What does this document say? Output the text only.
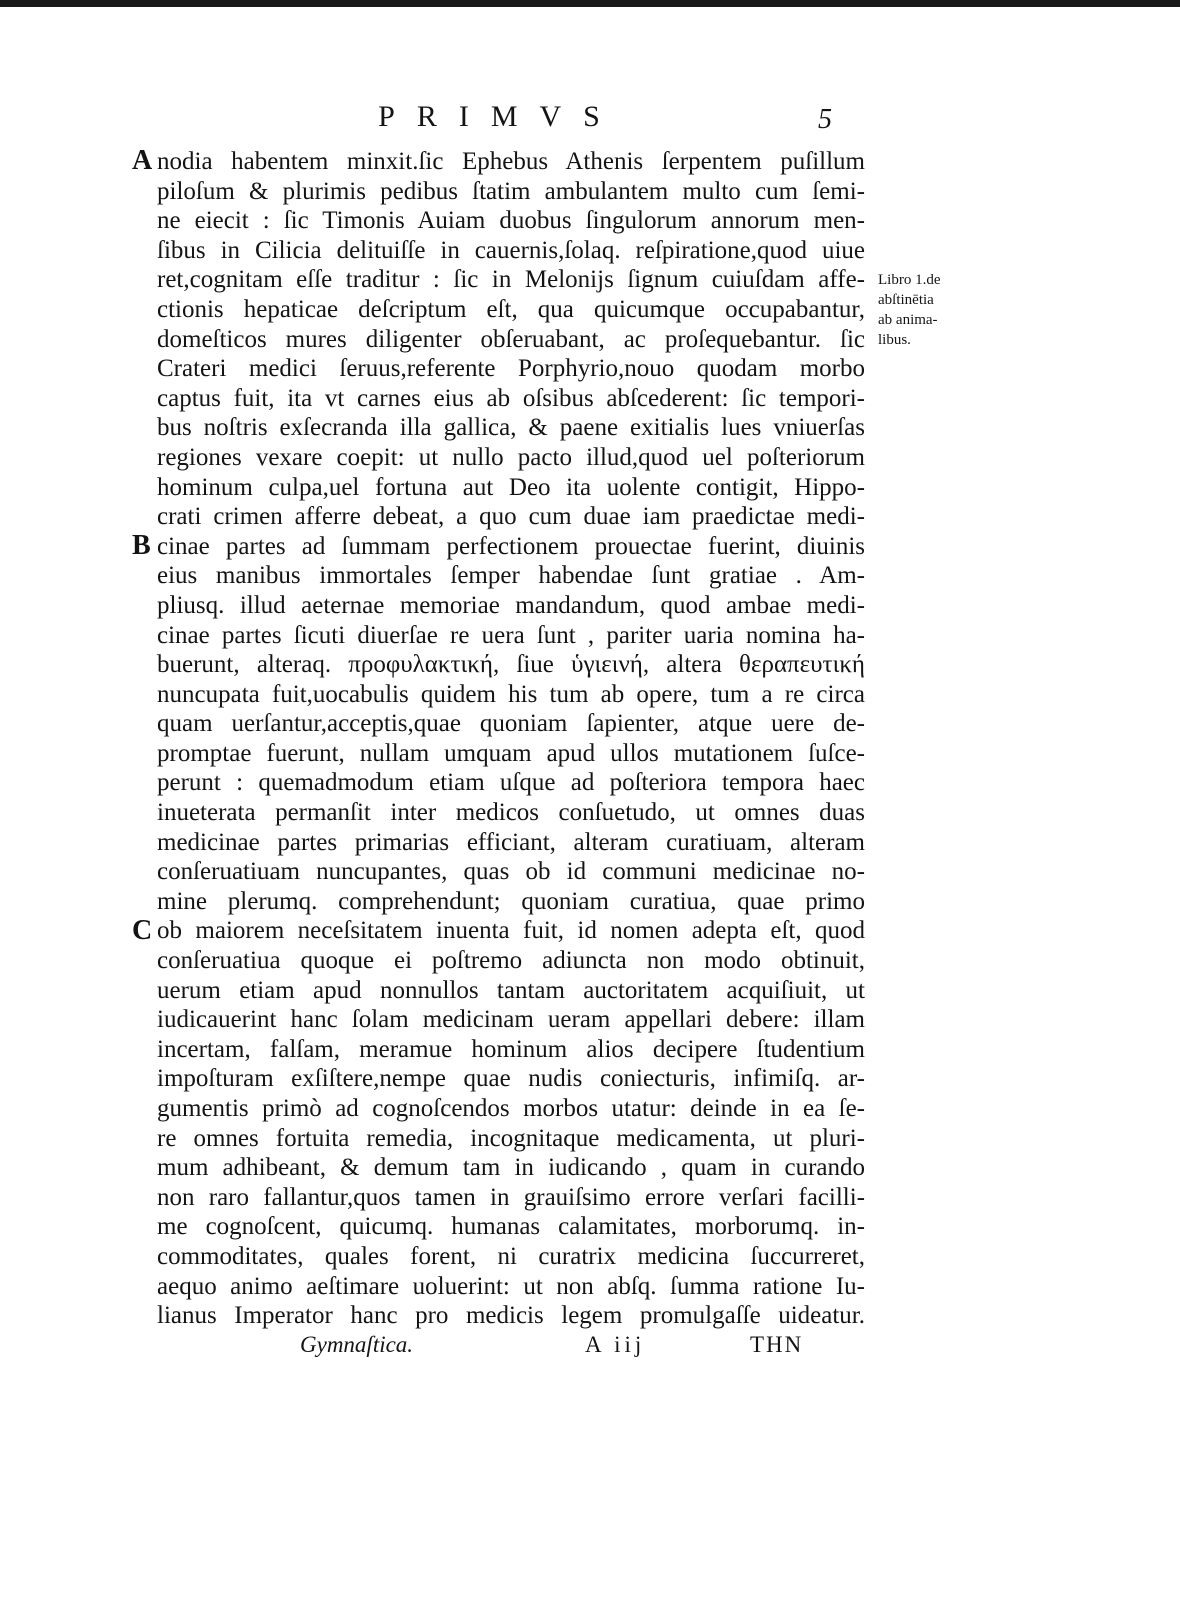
PRIMVS	5
A
B
C
Libro 1.de
abſtinētia
ab anima-
libus.
nodia habentem minxit.ſic Ephebus Athenis ſerpentem puſillum
piloſum & plurimis pedibus ſtatim ambulantem multo cum ſemi-
ne eiecit : ſic Timonis Auiam duobus ſingulorum annorum men-
ſibus in Cilicia delituiſſe in cauernis,ſolaq. reſpiratione,quod uiue
ret,cognitam eſſe traditur : ſic in Melonijs ſignum cuiuſdam affe-
ctionis hepaticae deſcriptum eſt, qua quicumque occupabantur,
domeſticos mures diligenter obſeruabant, ac proſequebantur. ſic
Crateri medici ſeruus,referente Porphyrio,nouo quodam morbo
captus fuit, ita vt carnes eius ab oſsibus abſcederent: ſic tempori-
bus noſtris exſecranda illa gallica, & paene exitialis lues vniuerſas
regiones vexare coepit: ut nullo pacto illud,quod uel poſteriorum
hominum culpa,uel fortuna aut Deo ita uolente contigit, Hippo-
crati crimen afferre debeat, a quo cum duae iam praedictae medi-
cinae partes ad ſummam perfectionem prouectae fuerint, diuinis
eius manibus immortales ſemper habendae ſunt gratiae . Am-
pliusq. illud aeternae memoriae mandandum, quod ambae medi-
cinae partes ſicuti diuerſae re uera ſunt , pariter uaria nomina ha-
buerunt, alteraq. προφυλακτική, ſiue ὑγιεινή, altera θεραπευτική
nuncupata fuit,uocabulis quidem his tum ab opere, tum a re circa
quam uerſantur,acceptis,quae quoniam ſapienter, atque uere de-
promptae fuerunt, nullam umquam apud ullos mutationem ſuſce-
perunt : quemadmodum etiam uſque ad poſteriora tempora haec
inueterata permanſit inter medicos conſuetudo, ut omnes duas
medicinae partes primarias efficiant, alteram curatiuam, alteram
conſeruatiuam nuncupantes, quas ob id communi medicinae no-
mine plerumq. comprehendunt; quoniam curatiua, quae primo
ob maiorem neceſsitatem inuenta fuit, id nomen adepta eſt, quod
conſeruatiua quoque ei poſtremo adiuncta non modo obtinuit,
uerum etiam apud nonnullos tantam auctoritatem acquiſiuit, ut
iudicauerint hanc ſolam medicinam ueram appellari debere: illam
incertam, falſam, meramue hominum alios decipere ſtudentium
impoſturam exſiſtere,nempe quae nudis coniecturis, infimiſq. ar-
gumentis primò ad cognoſcendos morbos utatur: deinde in ea ſe-
re omnes fortuita remedia, incognitaque medicamenta, ut pluri-
mum adhibeant, & demum tam in iudicando , quam in curando
non raro fallantur,quos tamen in grauiſsimo errore verſari facilli-
me cognoſcent, quicumq. humanas calamitates, morborumq. in-
commoditates, quales forent, ni curatrix medicina ſuccurreret,
aequo animo aeſtimare uoluerint: ut non abſq. ſumma ratione Iu-
lianus Imperator hanc pro medicis legem promulgaſſe uideatur.
Gymnaſtica.	A iij	ΤΗΝ
